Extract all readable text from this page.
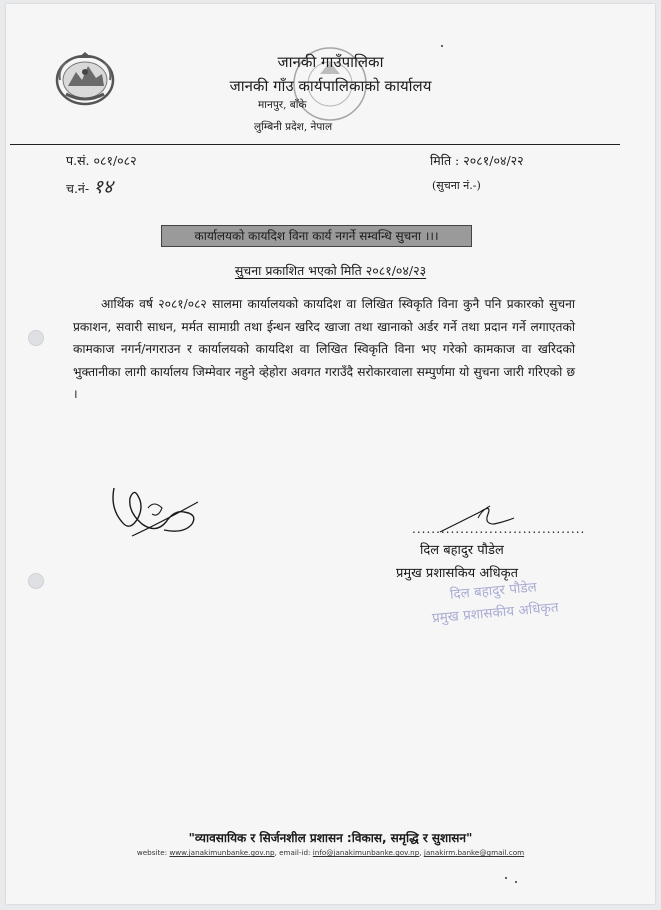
जानकी गाउँपालिका
जानकी गाँउ कार्यपालिकाको कार्यालय
मानपुर, बाँके
लुम्बिनी प्रदेश, नेपाल
प.सं. ०८१/०८२
च.नं- १४
मिति : २०८१/०४/२२
(सुचना नं.-)
कार्यालयको कायदिश विना कार्य नगर्ने सम्वन्धि सुचना ।।।
सुचना प्रकाशित भएको मिति २०८१/०४/२३
आर्थिक वर्ष २०८१/०८२ सालमा कार्यालयको कायदिश वा लिखित स्विकृति विना कुनै पनि प्रकारको सुचना प्रकाशन, सवारी साधन, मर्मत सामाग्री तथा ईन्धन खरिद खाजा तथा खानाको अर्डर गर्ने तथा प्रदान गर्ने लगाएतको कामकाज नगर्न/नगराउन र कार्यालयको कायदिश वा लिखित स्विकृति विना भए गरेको कामकाज वा खरिदको भुक्तानीका लागी कार्यालय जिम्मेवार नहुने व्हेहोरा अवगत गराउँदै सरोकारवाला सम्पुर्णमा यो सुचना जारी गरिएको छ ।
....................................
दिल बहादुर पौडेल
प्रमुख प्रशासकिय अधिकृत
दिल बहादुर पौडेल
प्रमुख प्रशासकीय अधिकृत
"व्यावसायिक र सिर्जनशील प्रशासन :विकास, समृद्धि र सुशासन"
website: www.janakimunbanke.gov.np, email-id: info@janakimunbanke.gov.np, janakirm.banke@gmail.com
